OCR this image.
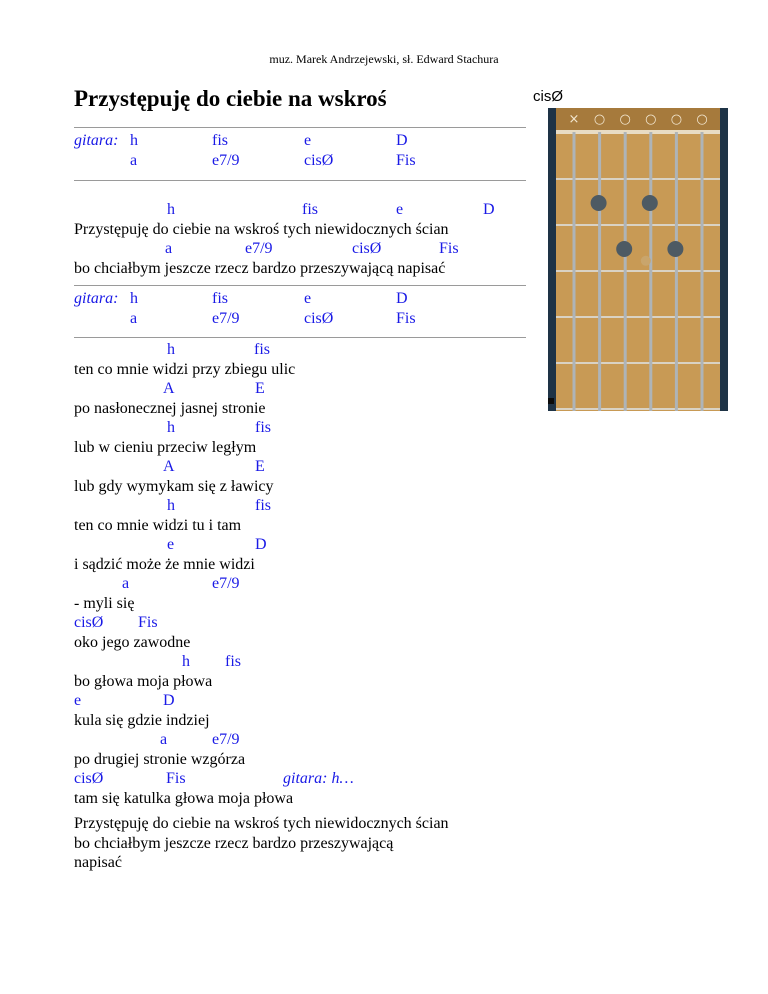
muz. Marek Andrzejewski, sł. Edward Stachura
Przystępuję do ciebie na wskroś
gitara: h	fis	e	D
a	e7/9	cisØ	Fis

h

	fis

	e

	D

Przystępuję do ciebie na wskroś tych niewidocznych ścian

a

	e7/9

	cisØ

	Fis

bo chciałbym jeszcze rzecz bardzo przeszywającą napisać
gitara: h	fis	e	D
a	e7/9	cisØ	Fis
h	fis
ten co mnie widzi przy zbiegu ulic
A	E
po nasłonecznej jasnej stronie
h	fis
lub w cieniu przeciw ległym
A	E
lub gdy wymykam się z ławicy
h	fis
ten co mnie widzi tu i tam
e	D
i sądzić może że mnie widzi
a	e7/9
- myli się
cisØ Fis
oko jego zawodne
h fis
bo głowa moja płowa
e	D
kula się gdzie indziej
a	e7/9
po drugiej stronie wzgórza
cisØ	Fis	gitara: h…
tam się katulka głowa moja płowa
Przystępuję do ciebie na wskroś tych niewidocznych ścian
bo chciałbym jeszcze rzecz bardzo przeszywającą
napisać
cisØ
× ○ ○ ○ ○ ○
